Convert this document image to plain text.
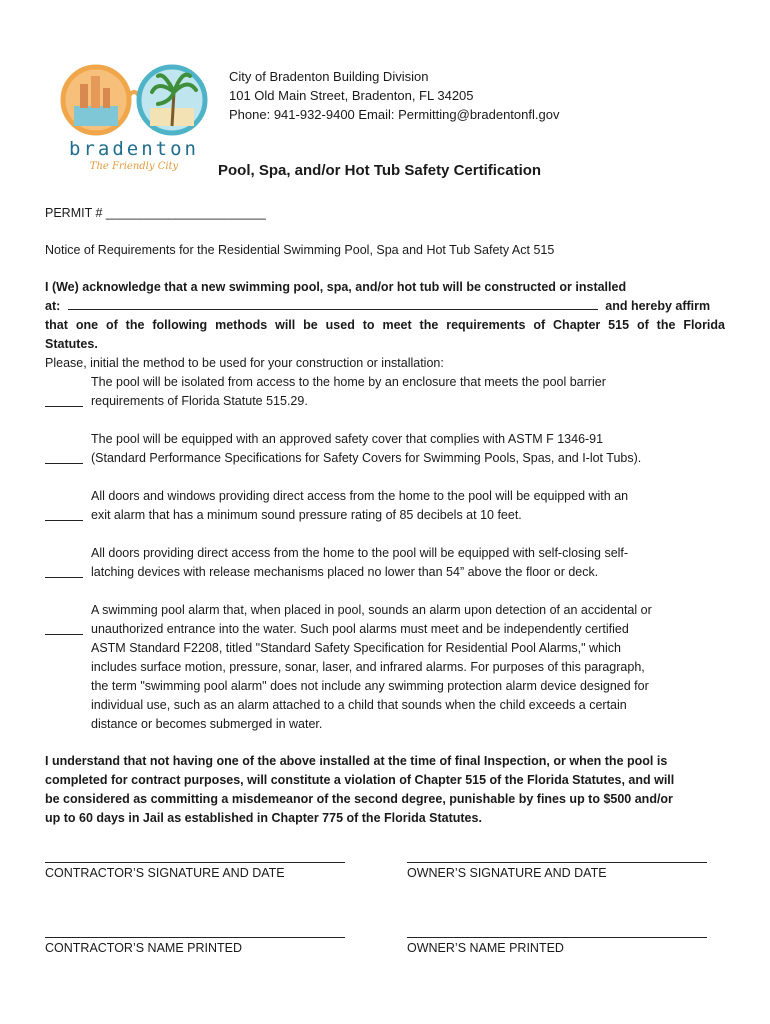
bradenton
The Friendly City
City of Bradenton Building Division
101 Old Main Street, Bradenton, FL 34205
Phone: 941-932-9400 Email: Permitting@bradentonfl.gov
Pool, Spa, and/or Hot Tub Safety Certification
PERMIT # _______________________
Notice of Requirements for the Residential Swimming Pool, Spa and Hot Tub Safety Act 515
I (We) acknowledge that a new swimming pool, spa, and/or hot tub will be constructed or installed
at:	and hereby affirm
that one of the following methods will be used to meet the requirements of Chapter 515 of the Florida
Statutes.
Please, initial the method to be used for your construction or installation:
The pool will be isolated from access to the home by an enclosure that meets the pool barrier
requirements of Florida Statute 515.29.
The pool will be equipped with an approved safety cover that complies with ASTM F 1346-91
(Standard Performance Specifications for Safety Covers for Swimming Pools, Spas, and I-lot Tubs).
All doors and windows providing direct access from the home to the pool will be equipped with an
exit alarm that has a minimum sound pressure rating of 85 decibels at 10 feet.
All doors providing direct access from the home to the pool will be equipped with self-closing self-
latching devices with release mechanisms placed no lower than 54” above the floor or deck.
A swimming pool alarm that, when placed in pool, sounds an alarm upon detection of an accidental or
unauthorized entrance into the water. Such pool alarms must meet and be independently certified
ASTM Standard F2208, titled "Standard Safety Specification for Residential Pool Alarms," which
includes surface motion, pressure, sonar, laser, and infrared alarms. For purposes of this paragraph,
the term "swimming pool alarm" does not include any swimming protection alarm device designed for
individual use, such as an alarm attached to a child that sounds when the child exceeds a certain
distance or becomes submerged in water.
I understand that not having one of the above installed at the time of final Inspection, or when the pool is
completed for contract purposes, will constitute a violation of Chapter 515 of the Florida Statutes, and will
be considered as committing a misdemeanor of the second degree, punishable by fines up to $500 and/or
up to 60 days in Jail as established in Chapter 775 of the Florida Statutes.
CONTRACTOR’S SIGNATURE AND DATE	OWNER’S SIGNATURE AND DATE
CONTRACTOR’S NAME PRINTED	OWNER’S NAME PRINTED
